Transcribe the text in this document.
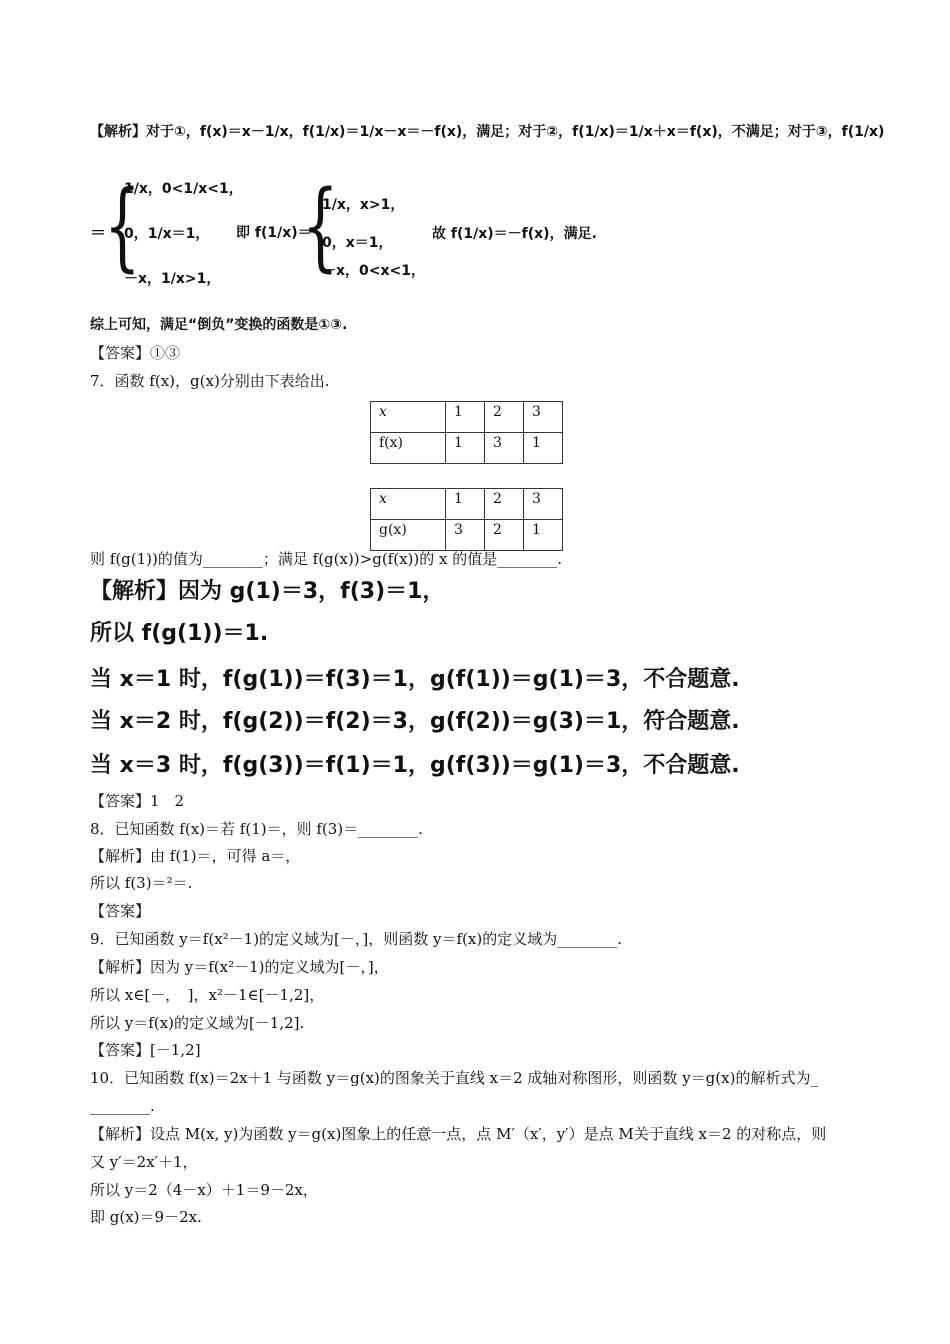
【解析】对于①，f(x)＝x－1/x，f(1/x)＝1/x－x＝－f(x)，满足；对于②，f(1/x)＝1/x＋x＝f(x)，不满足；对于③，f(1/x)
＝
{
1/x，0<1/x<1，
0，1/x＝1，
－x，1/x>1，
即 f(1/x)＝
{
1/x，x>1，
0，x＝1，
－x，0<x<1，
故 f(1/x)＝－f(x)，满足.
综上可知，满足“倒负”变换的函数是①③.
【答案】①③
7．函数 f(x)，g(x)分别由下表给出.
x	1	2	3
f(x)	1	3	1
x	1	2	3
g(x)	3	2	1
则 f(g(1))的值为________；满足 f(g(x))>g(f(x))的 x 的值是________.
【解析】因为 g(1)＝3，f(3)＝1，
所以 f(g(1))＝1.
当 x＝1 时，f(g(1))＝f(3)＝1，g(f(1))＝g(1)＝3，不合题意.
当 x＝2 时，f(g(2))＝f(2)＝3，g(f(2))＝g(3)＝1，符合题意.
当 x＝3 时，f(g(3))＝f(1)＝1，g(f(3))＝g(1)＝3，不合题意.
【答案】1　2
8．已知函数 f(x)＝若 f(1)＝，则 f(3)＝________.
【解析】由 f(1)＝，可得 a＝，
所以 f(3)＝²＝.
【答案】
9．已知函数 y＝f(x²－1)的定义域为[－，]，则函数 y＝f(x)的定义域为________.
【解析】因为 y＝f(x²－1)的定义域为[－，]，
所以 x∈[－，　]，x²－1∈[－1,2]，
所以 y＝f(x)的定义域为[－1,2].
【答案】[－1,2]
10．已知函数 f(x)＝2x＋1 与函数 y＝g(x)的图象关于直线 x＝2 成轴对称图形，则函数 y＝g(x)的解析式为_
________.
【解析】设点 M(x, y)为函数 y＝g(x)图象上的任意一点，点 M′（x′，y′）是点 M关于直线 x＝2 的对称点，则
又 y′＝2x′＋1，
所以 y＝2（4－x）＋1＝9－2x，
即 g(x)＝9－2x.
